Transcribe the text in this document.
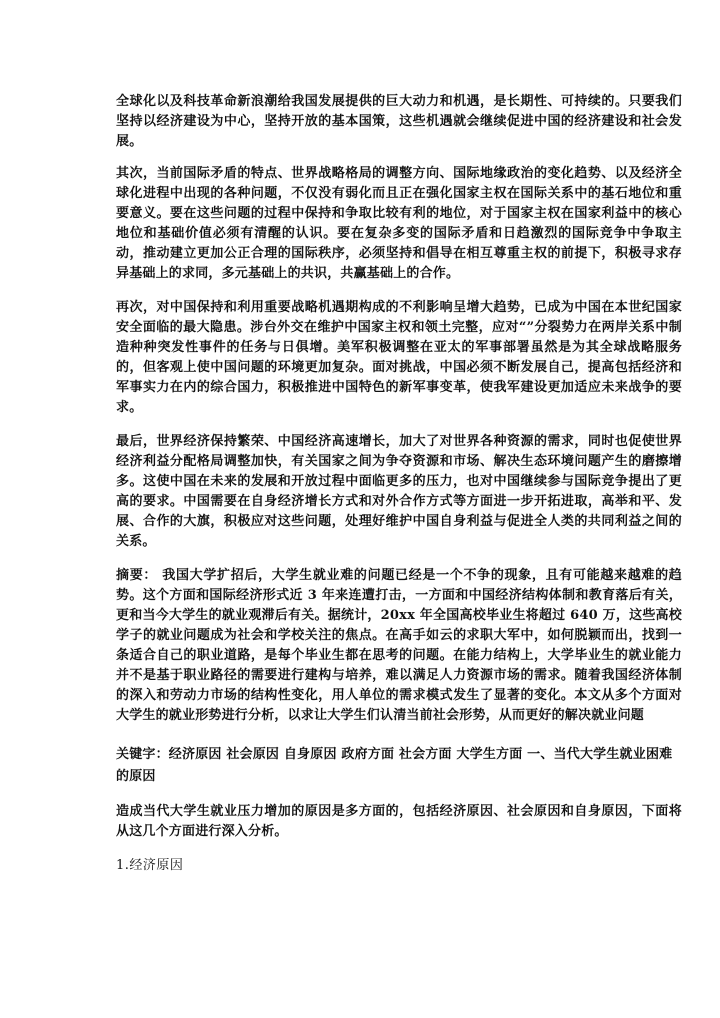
全球化以及科技革命新浪潮给我国发展提供的巨大动力和机遇，是长期性、可持续的。只要我们坚持以经济建设为中心，坚持开放的基本国策，这些机遇就会继续促进中国的经济建设和社会发展。

其次，当前国际矛盾的特点、世界战略格局的调整方向、国际地缘政治的变化趋势、以及经济全球化进程中出现的各种问题，不仅没有弱化而且正在强化国家主权在国际关系中的基石地位和重要意义。要在这些问题的过程中保持和争取比较有利的地位，对于国家主权在国家利益中的核心地位和基础价值必须有清醒的认识。要在复杂多变的国际矛盾和日趋激烈的国际竞争中争取主动，推动建立更加公正合理的国际秩序，必须坚持和倡导在相互尊重主权的前提下，积极寻求存异基础上的求同，多元基础上的共识，共赢基础上的合作。

再次，对中国保持和利用重要战略机遇期构成的不利影响呈增大趋势，已成为中国在本世纪国家安全面临的最大隐患。涉台外交在维护中国家主权和领土完整，应对“”分裂势力在两岸关系中制造种种突发性事件的任务与日俱增。美军积极调整在亚太的军事部署虽然是为其全球战略服务的，但客观上使中国问题的环境更加复杂。面对挑战，中国必须不断发展自己，提高包括经济和军事实力在内的综合国力，积极推进中国特色的新军事变革，使我军建设更加适应未来战争的要求。

最后，世界经济保持繁荣、中国经济高速增长，加大了对世界各种资源的需求，同时也促使世界经济利益分配格局调整加快，有关国家之间为争夺资源和市场、解决生态环境问题产生的磨擦增多。这使中国在未来的发展和开放过程中面临更多的压力，也对中国继续参与国际竞争提出了更高的要求。中国需要在自身经济增长方式和对外合作方式等方面进一步开拓进取，高举和平、发展、合作的大旗，积极应对这些问题，处理好维护中国自身利益与促进全人类的共同利益之间的关系。

摘要： 我国大学扩招后，大学生就业难的问题已经是一个不争的现象，且有可能越来越难的趋势。这个方面和国际经济形式近 3 年来连遭打击，一方面和中国经济结构体制和教育落后有关，更和当今大学生的就业观滞后有关。据统计，20xx 年全国高校毕业生将超过 640 万，这些高校学子的就业问题成为社会和学校关注的焦点。在高手如云的求职大军中，如何脱颖而出，找到一条适合自己的职业道路，是每个毕业生都在思考的问题。在能力结构上，大学毕业生的就业能力并不是基于职业路径的需要进行建构与培养，难以满足人力资源市场的需求。随着我国经济体制的深入和劳动力市场的结构性变化，用人单位的需求模式发生了显著的变化。本文从多个方面对大学生的就业形势进行分析，以求让大学生们认清当前社会形势，从而更好的解决就业问题

关键字：经济原因 社会原因 自身原因 政府方面 社会方面 大学生方面 一、当代大学生就业困难的原因

造成当代大学生就业压力增加的原因是多方面的，包括经济原因、社会原因和自身原因，下面将从这几个方面进行深入分析。

1.经济原因
